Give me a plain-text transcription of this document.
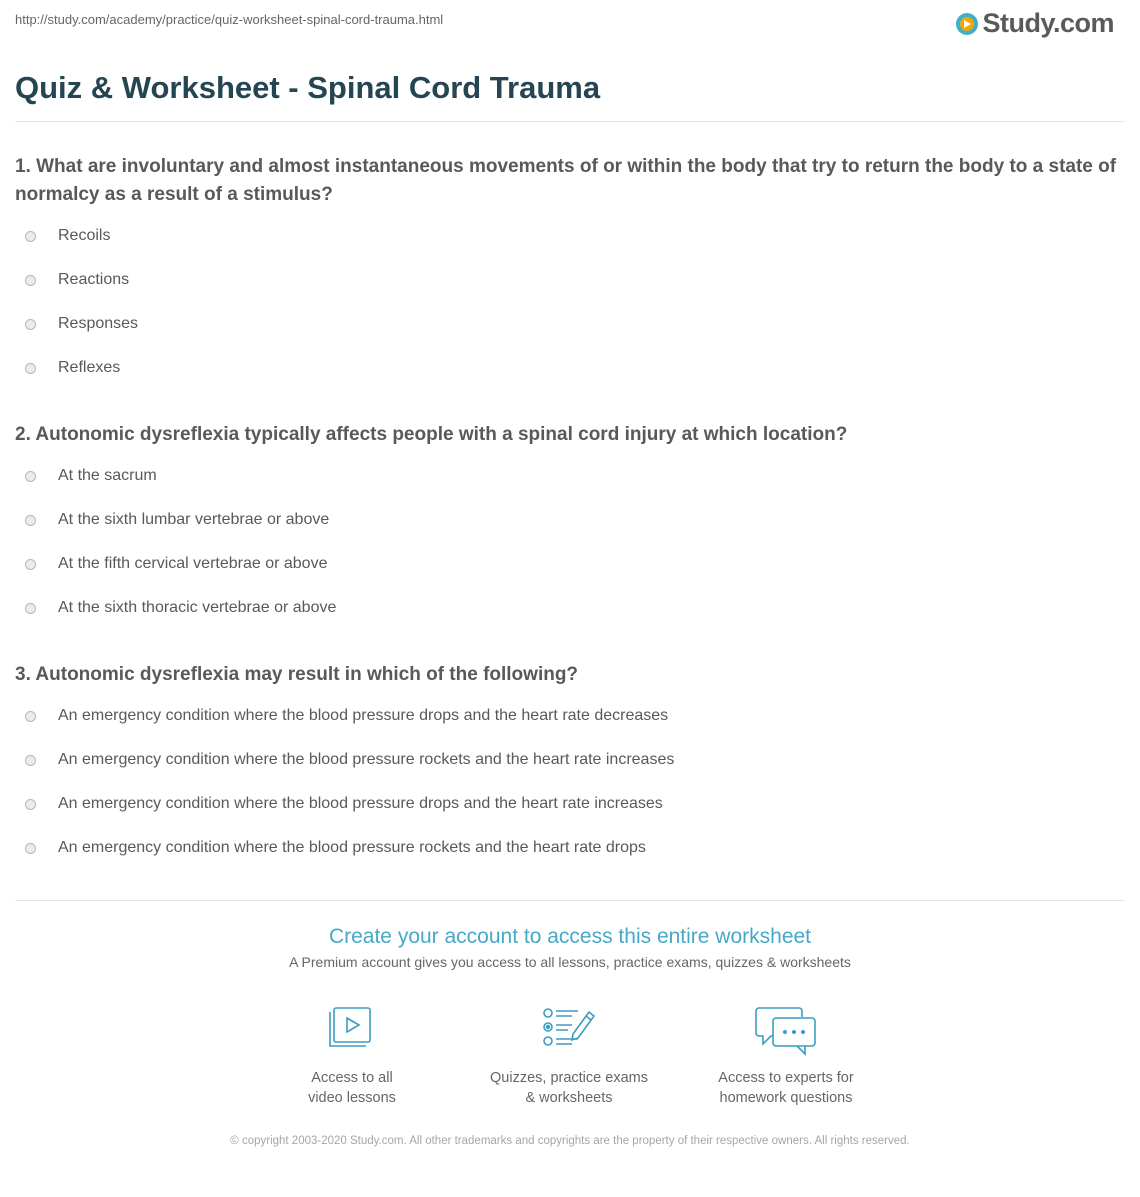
http://study.com/academy/practice/quiz-worksheet-spinal-cord-trauma.html	Study.com
Quiz & Worksheet - Spinal Cord Trauma
1. What are involuntary and almost instantaneous movements of or within the body that try to return the body to a state of normalcy as a result of a stimulus?
Recoils
Reactions
Responses
Reflexes
2. Autonomic dysreflexia typically affects people with a spinal cord injury at which location?
At the sacrum
At the sixth lumbar vertebrae or above
At the fifth cervical vertebrae or above
At the sixth thoracic vertebrae or above
3. Autonomic dysreflexia may result in which of the following?
An emergency condition where the blood pressure drops and the heart rate decreases
An emergency condition where the blood pressure rockets and the heart rate increases
An emergency condition where the blood pressure drops and the heart rate increases
An emergency condition where the blood pressure rockets and the heart rate drops
Create your account to access this entire worksheet
A Premium account gives you access to all lessons, practice exams, quizzes & worksheets
Access to all
video lessons
Quizzes, practice exams
& worksheets
Access to experts for
homework questions
© copyright 2003-2020 Study.com. All other trademarks and copyrights are the property of their respective owners. All rights reserved.
